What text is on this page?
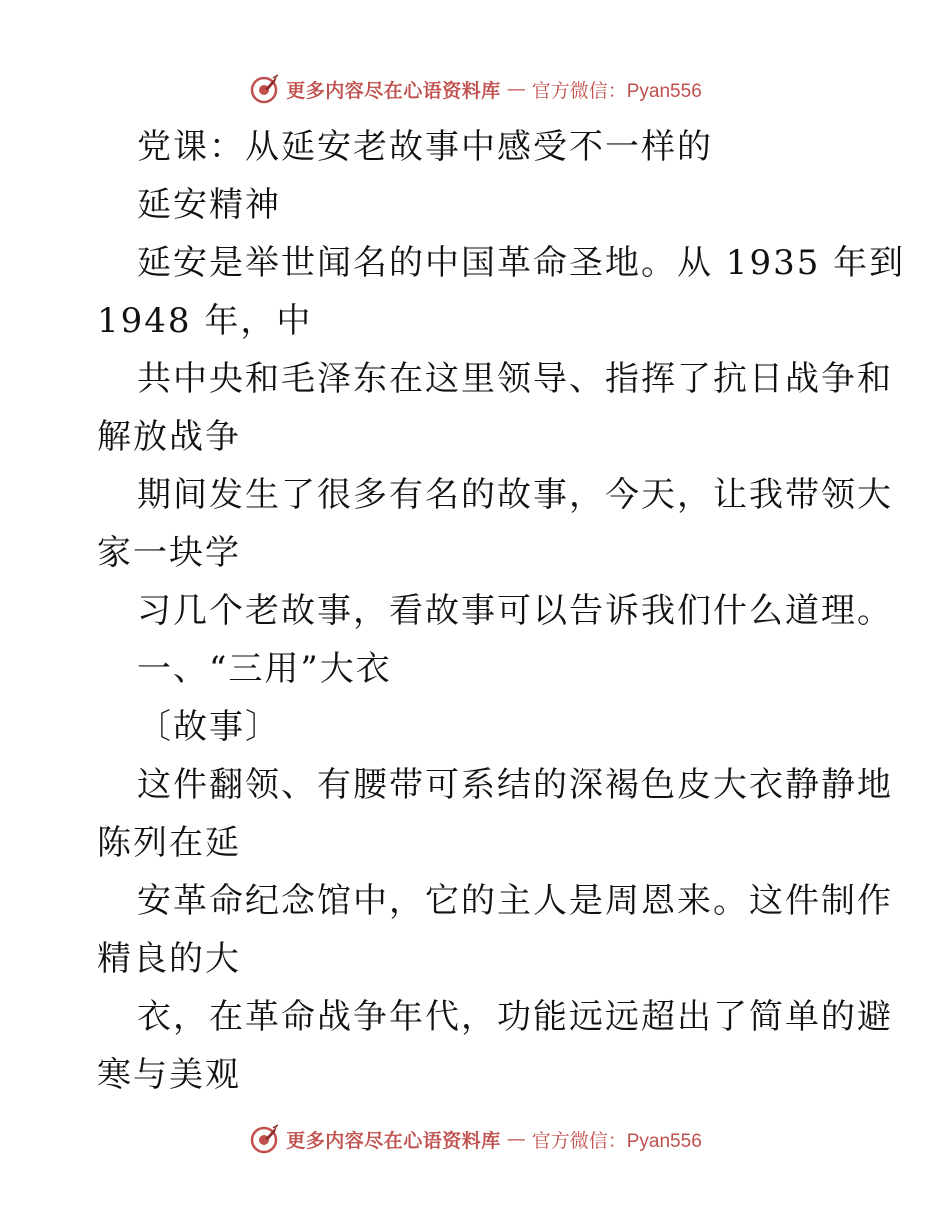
更多内容尽在心语资料库 — 官方微信：Pyan556
党课：从延安老故事中感受不一样的
延安精神
延安是举世闻名的中国革命圣地。从 1935 年到
1948 年，中
共中央和毛泽东在这里领导、指挥了抗日战争和
解放战争
期间发生了很多有名的故事，今天，让我带领大
家一块学
习几个老故事，看故事可以告诉我们什么道理。
一、“三用”大衣
〔故事〕
这件翻领、有腰带可系结的深褐色皮大衣静静地
陈列在延
安革命纪念馆中，它的主人是周恩来。这件制作
精良的大
衣，在革命战争年代，功能远远超出了简单的避
寒与美观
更多内容尽在心语资料库 — 官方微信：Pyan556
